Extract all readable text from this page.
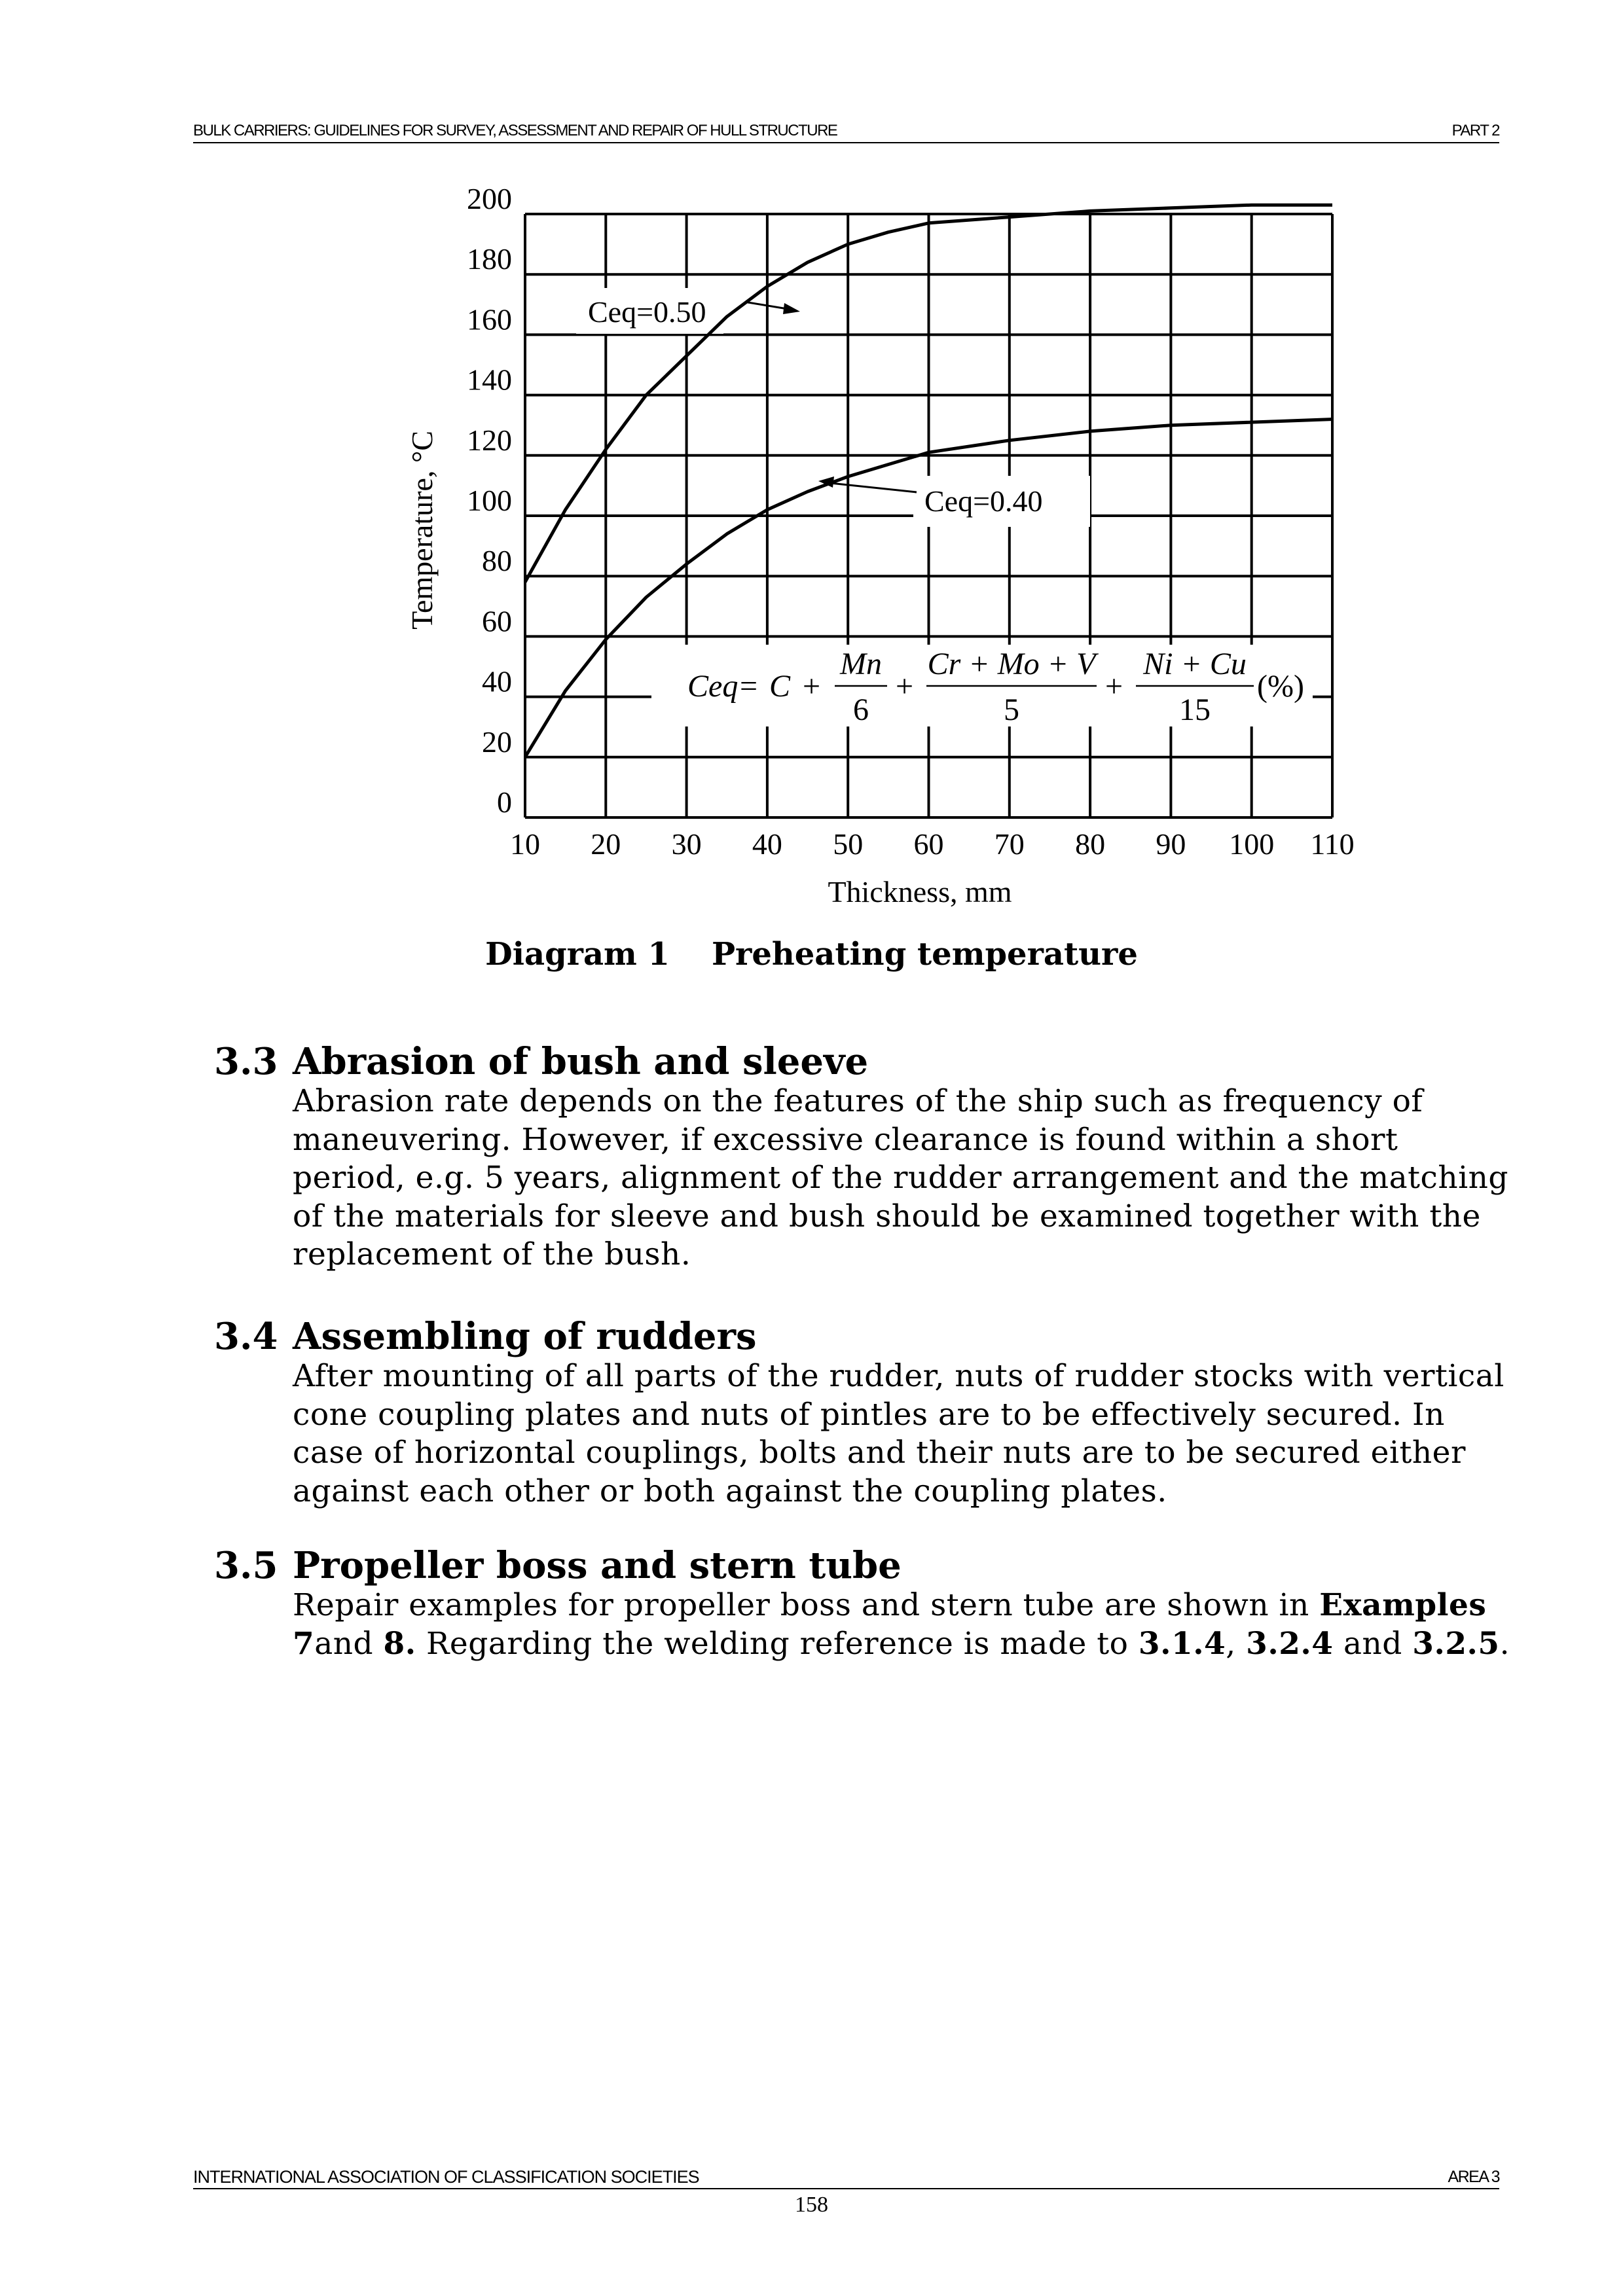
BULK CARRIERS: GUIDELINES FOR SURVEY, ASSESSMENT AND REPAIR OF HULL STRUCTURE	PART 2
10 20 30 40 50 60 70 80 90 100 110
0
20
40
60
80
100
120
140
160
180
200
Thickness, mm
Temperature, °C
Ceq=0.50
Ceq=0.40
Ceq = C +
Mn
6
+
Cr + Mo + V
5
+
Ni + Cu
15
(%)
Diagram 1 Preheating temperature
3.3 Abrasion of bush and sleeve

Abrasion rate depends on the features of the ship such as frequency of maneuvering. However, if excessive clearance is found within a short period, e.g. 5 years, alignment of the rudder arrangement and the matching of the materials for sleeve and bush should be examined together with the replacement of the bush.

3.4 Assembling of rudders

After mounting of all parts of the rudder, nuts of rudder stocks with vertical cone coupling plates and nuts of pintles are to be effectively secured. In case of horizontal couplings, bolts and their nuts are to be secured either against each other or both against the coupling plates.

3.5 Propeller boss and stern tube

Repair examples for propeller boss and stern tube are shown in Examples 7and 8. Regarding the welding reference is made to 3.1.4, 3.2.4 and 3.2.5.

INTERNATIONAL ASSOCIATION OF CLASSIFICATION SOCIETIES	AREA 3
158
